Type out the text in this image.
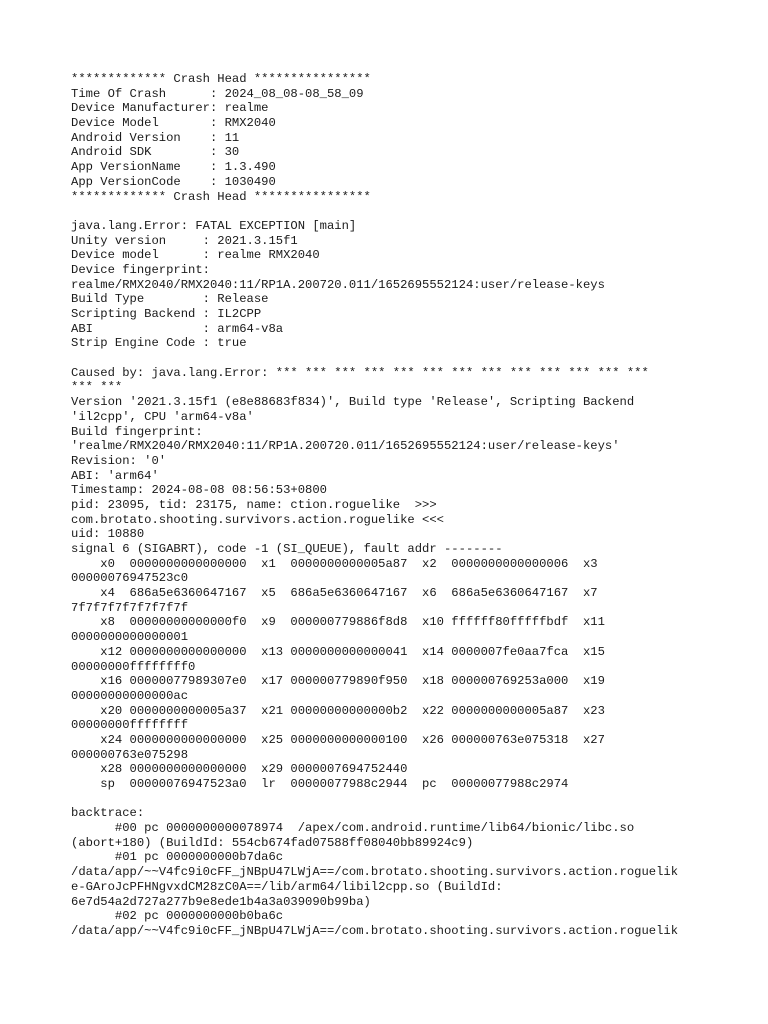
************* Crash Head ****************
Time Of Crash      : 2024_08_08-08_58_09
Device Manufacturer: realme
Device Model       : RMX2040
Android Version    : 11
Android SDK        : 30
App VersionName    : 1.3.490
App VersionCode    : 1030490
************* Crash Head ****************
java.lang.Error: FATAL EXCEPTION [main]
Unity version     : 2021.3.15f1
Device model      : realme RMX2040
Device fingerprint:
realme/RMX2040/RMX2040:11/RP1A.200720.011/1652695552124:user/release-keys
Build Type        : Release
Scripting Backend : IL2CPP
ABI               : arm64-v8a
Strip Engine Code : true
Caused by: java.lang.Error: *** *** *** *** *** *** *** *** *** *** *** *** ***
*** ***
Version '2021.3.15f1 (e8e88683f834)', Build type 'Release', Scripting Backend
'il2cpp', CPU 'arm64-v8a'
Build fingerprint:
'realme/RMX2040/RMX2040:11/RP1A.200720.011/1652695552124:user/release-keys'
Revision: '0'
ABI: 'arm64'
Timestamp: 2024-08-08 08:56:53+0800
pid: 23095, tid: 23175, name: ction.roguelike  >>>
com.brotato.shooting.survivors.action.roguelike <<<
uid: 10880
signal 6 (SIGABRT), code -1 (SI_QUEUE), fault addr --------
x0  0000000000000000  x1  0000000000005a87  x2  0000000000000006  x3
00000076947523c0
x4  686a5e6360647167  x5  686a5e6360647167  x6  686a5e6360647167  x7
7f7f7f7f7f7f7f7f
x8  00000000000000f0  x9  000000779886f8d8  x10 ffffff80fffffbdf  x11
0000000000000001
x12 0000000000000000  x13 0000000000000041  x14 0000007fe0aa7fca  x15
00000000ffffffff0
x16 00000077989307e0  x17 000000779890f950  x18 000000769253a000  x19
00000000000000ac
x20 0000000000005a37  x21 00000000000000b2  x22 0000000000005a87  x23
00000000ffffffff
x24 0000000000000000  x25 0000000000000100  x26 000000763e075318  x27
000000763e075298
x28 0000000000000000  x29 0000007694752440
sp  00000076947523a0  lr  00000077988c2944  pc  00000077988c2974
backtrace:
#00 pc 0000000000078974  /apex/com.android.runtime/lib64/bionic/libc.so
(abort+180) (BuildId: 554cb674fad07588ff08040bb89924c9)
#01 pc 0000000000b7da6c
/data/app/~~V4fc9i0cFF_jNBpU47LWjA==/com.brotato.shooting.survivors.action.roguelik
e-GAroJcPFHNgvxdCM28zC0A==/lib/arm64/libil2cpp.so (BuildId:
6e7d54a2d727a277b9e8ede1b4a3a039090b99ba)
#02 pc 0000000000b0ba6c
/data/app/~~V4fc9i0cFF_jNBpU47LWjA==/com.brotato.shooting.survivors.action.roguelik
